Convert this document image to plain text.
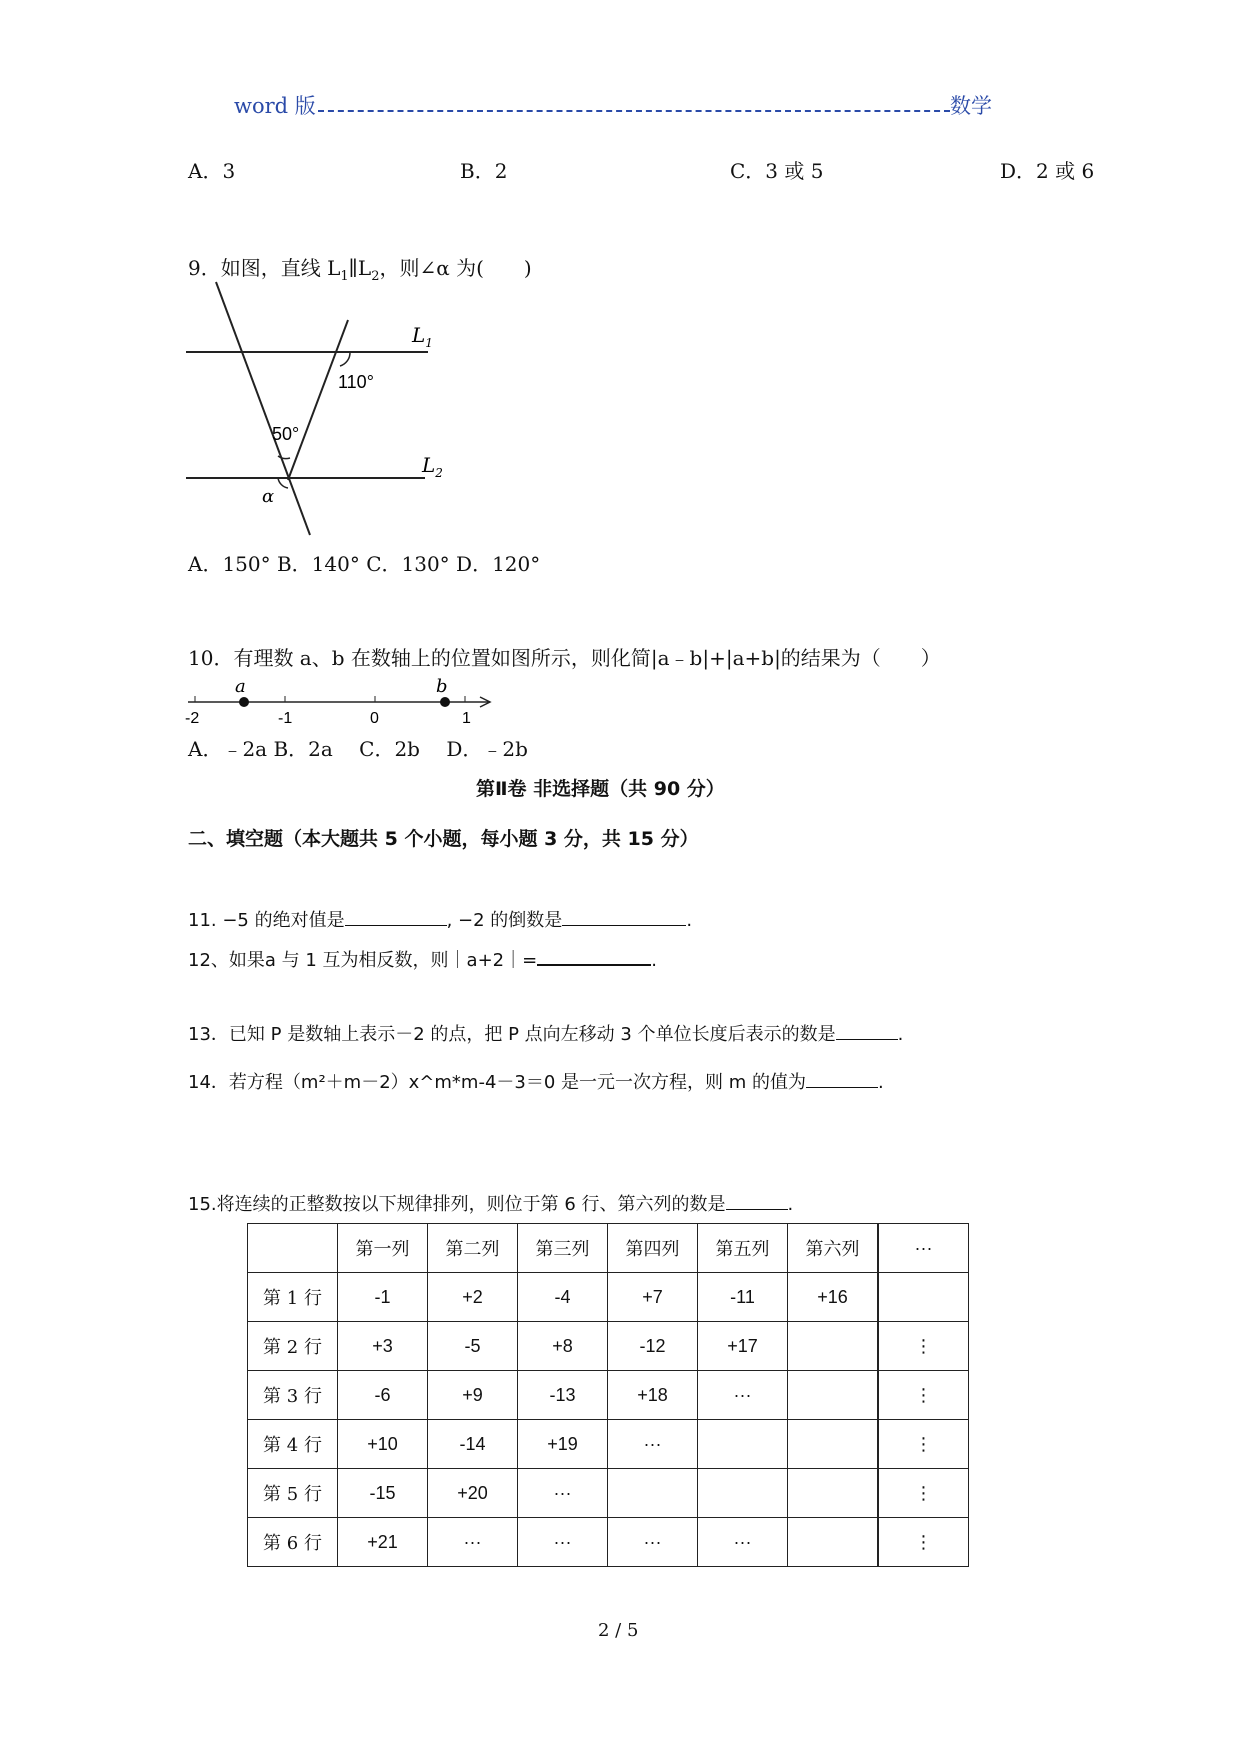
word 版	数学
A．3	B．2	C．3 或 5	D．2 或 6
9．如图，直线 $L_1\parallel L_2$，则∠α 为(　　)
$L_1$
$L_2$
110°
50°
α
A．150° B．140° C．130° D．120°
10．有理数 a、b 在数轴上的位置如图所示，则化简|a﹣b|+|a+b|的结果为（　　）
a	b
-2	-1	0	1
A．﹣2a B．2a　 C．2b　 D．﹣2b
第Ⅱ卷 非选择题（共 90 分）
二、填空题（本大题共 5 个小题，每小题 3 分，共 15 分）
11. −5 的绝对值是	, −2 的倒数是	.
12、如果a 与 1 互为相反数，则｜a+2｜=	.
13．已知 P 是数轴上表示－2 的点，把 P 点向左移动 3 个单位长度后表示的数是	.
14．若方程（m²＋m－2）x^m*m-4－3＝0 是一元一次方程，则 m 的值为	.
15.将连续的正整数按以下规律排列，则位于第 6 行、第六列的数是	.
	第一列	第二列	第三列	第四列	第五列	第六列	···
第 1 行	-1	+2	-4	+7	-11	+16	
第 2 行	+3	-5	+8	-12	+17		⋮
第 3 行	-6	+9	-13	+18	···		⋮
第 4 行	+10	-14	+19	···			⋮
第 5 行	-15	+20	···				⋮
第 6 行	+21	···	···	···	···		⋮
2 / 5
